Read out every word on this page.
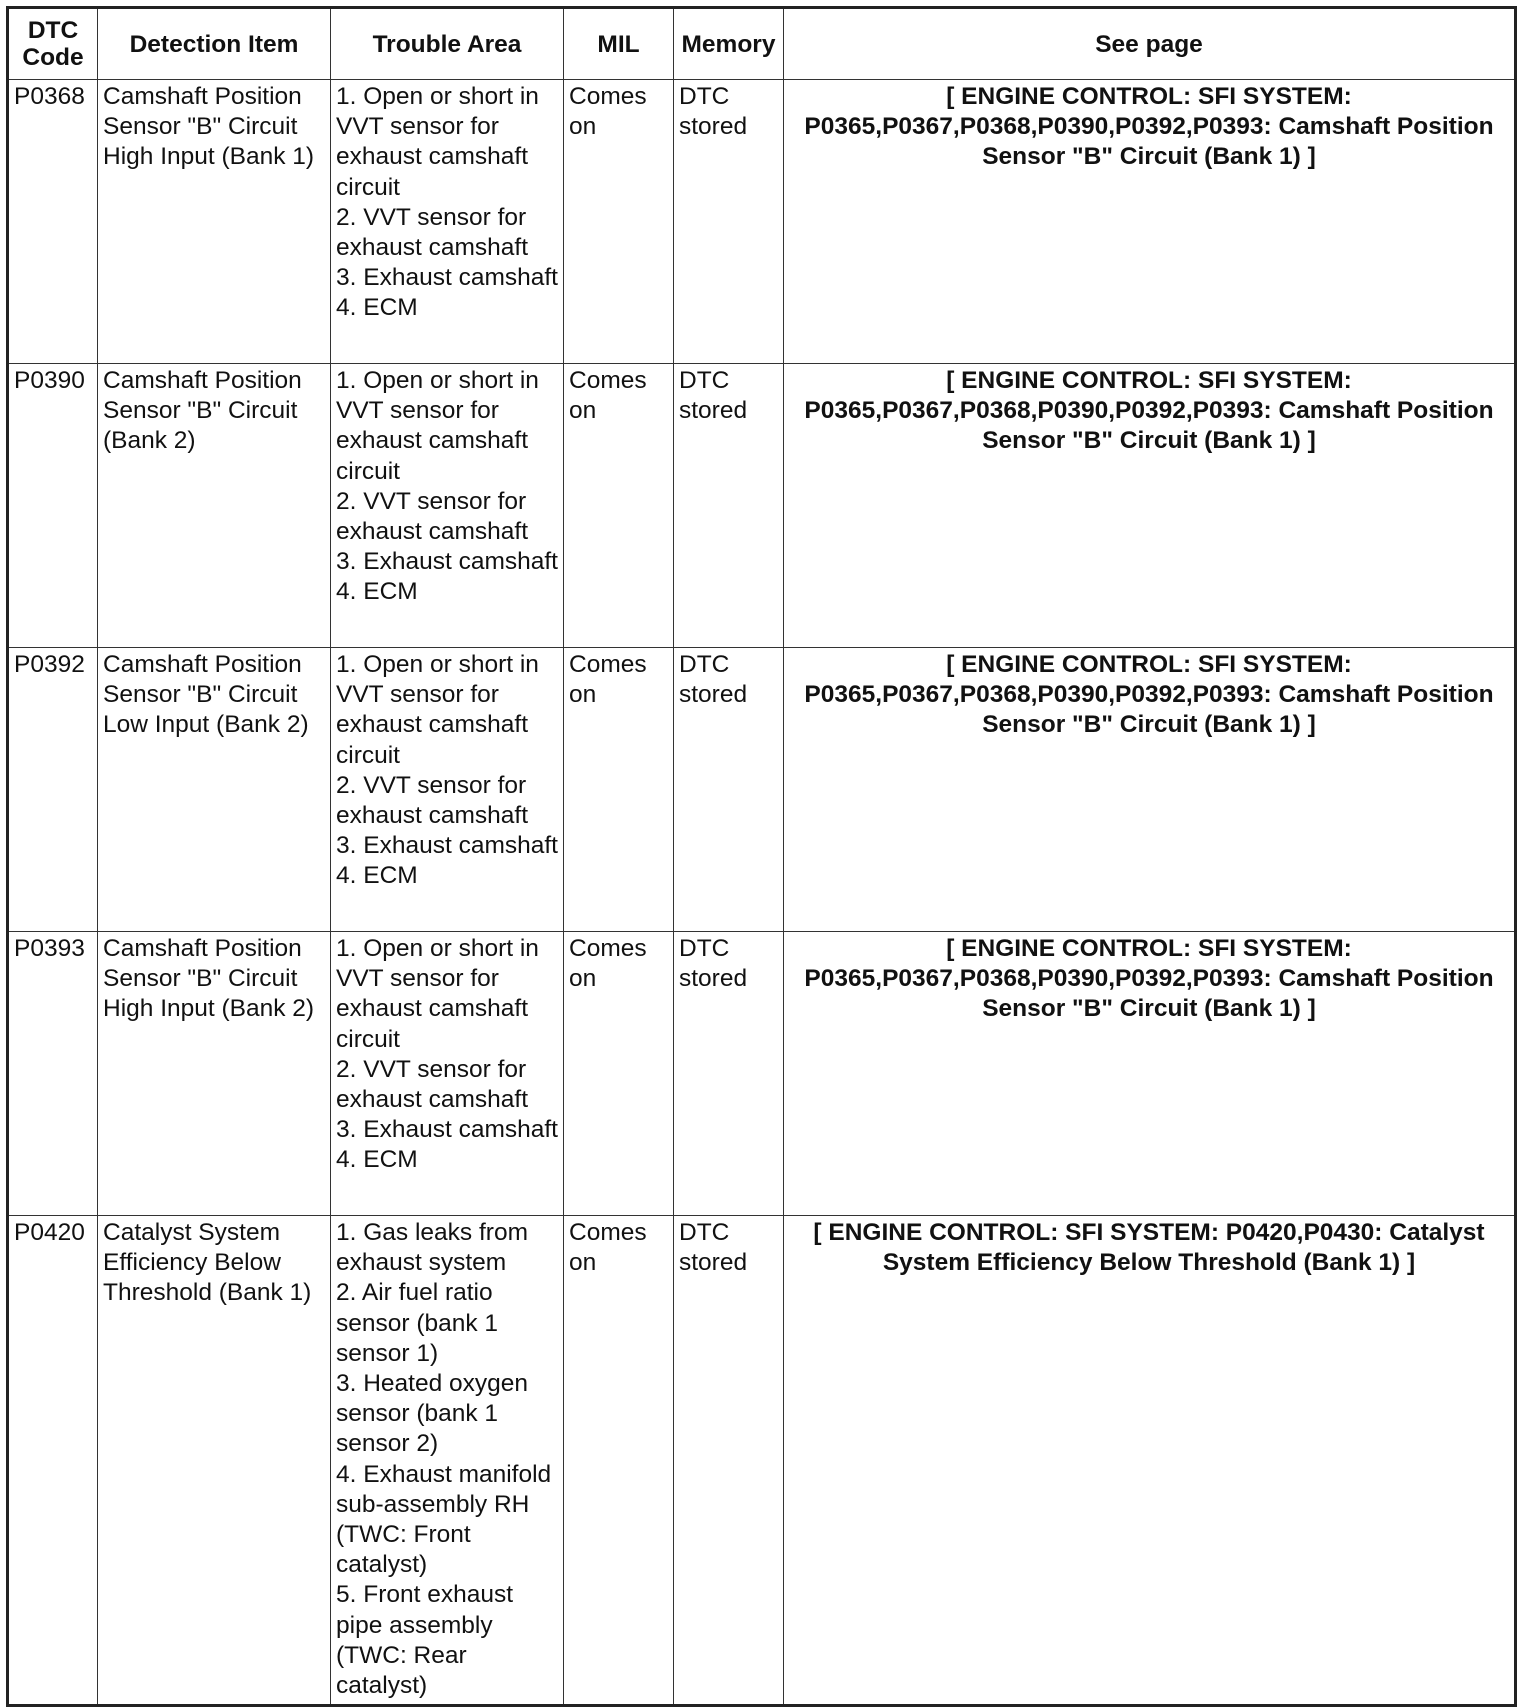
DTC Code	Detection Item	Trouble Area	MIL	Memory	See page
P0368	Camshaft Position Sensor "B" Circuit High Input (Bank 1)	1. Open or short in VVT sensor for exhaust camshaft circuit
2. VVT sensor for exhaust camshaft
3. Exhaust camshaft
4. ECM	Comes on	DTC stored	[ ENGINE CONTROL: SFI SYSTEM: P0365,P0367,P0368,P0390,P0392,P0393: Camshaft Position Sensor "B" Circuit (Bank 1) ]
P0390	Camshaft Position Sensor "B" Circuit (Bank 2)	1. Open or short in VVT sensor for exhaust camshaft circuit
2. VVT sensor for exhaust camshaft
3. Exhaust camshaft
4. ECM	Comes on	DTC stored	[ ENGINE CONTROL: SFI SYSTEM: P0365,P0367,P0368,P0390,P0392,P0393: Camshaft Position Sensor "B" Circuit (Bank 1) ]
P0392	Camshaft Position Sensor "B" Circuit Low Input (Bank 2)	1. Open or short in VVT sensor for exhaust camshaft circuit
2. VVT sensor for exhaust camshaft
3. Exhaust camshaft
4. ECM	Comes on	DTC stored	[ ENGINE CONTROL: SFI SYSTEM: P0365,P0367,P0368,P0390,P0392,P0393: Camshaft Position Sensor "B" Circuit (Bank 1) ]
P0393	Camshaft Position Sensor "B" Circuit High Input (Bank 2)	1. Open or short in VVT sensor for exhaust camshaft circuit
2. VVT sensor for exhaust camshaft
3. Exhaust camshaft
4. ECM	Comes on	DTC stored	[ ENGINE CONTROL: SFI SYSTEM: P0365,P0367,P0368,P0390,P0392,P0393: Camshaft Position Sensor "B" Circuit (Bank 1) ]
P0420	Catalyst System Efficiency Below Threshold (Bank 1)	1. Gas leaks from exhaust system
2. Air fuel ratio sensor (bank 1 sensor 1)
3. Heated oxygen sensor (bank 1 sensor 2)
4. Exhaust manifold sub-assembly RH (TWC: Front catalyst)
5. Front exhaust pipe assembly (TWC: Rear catalyst)	Comes on	DTC stored	[ ENGINE CONTROL: SFI SYSTEM: P0420,P0430: Catalyst System Efficiency Below Threshold (Bank 1) ]
